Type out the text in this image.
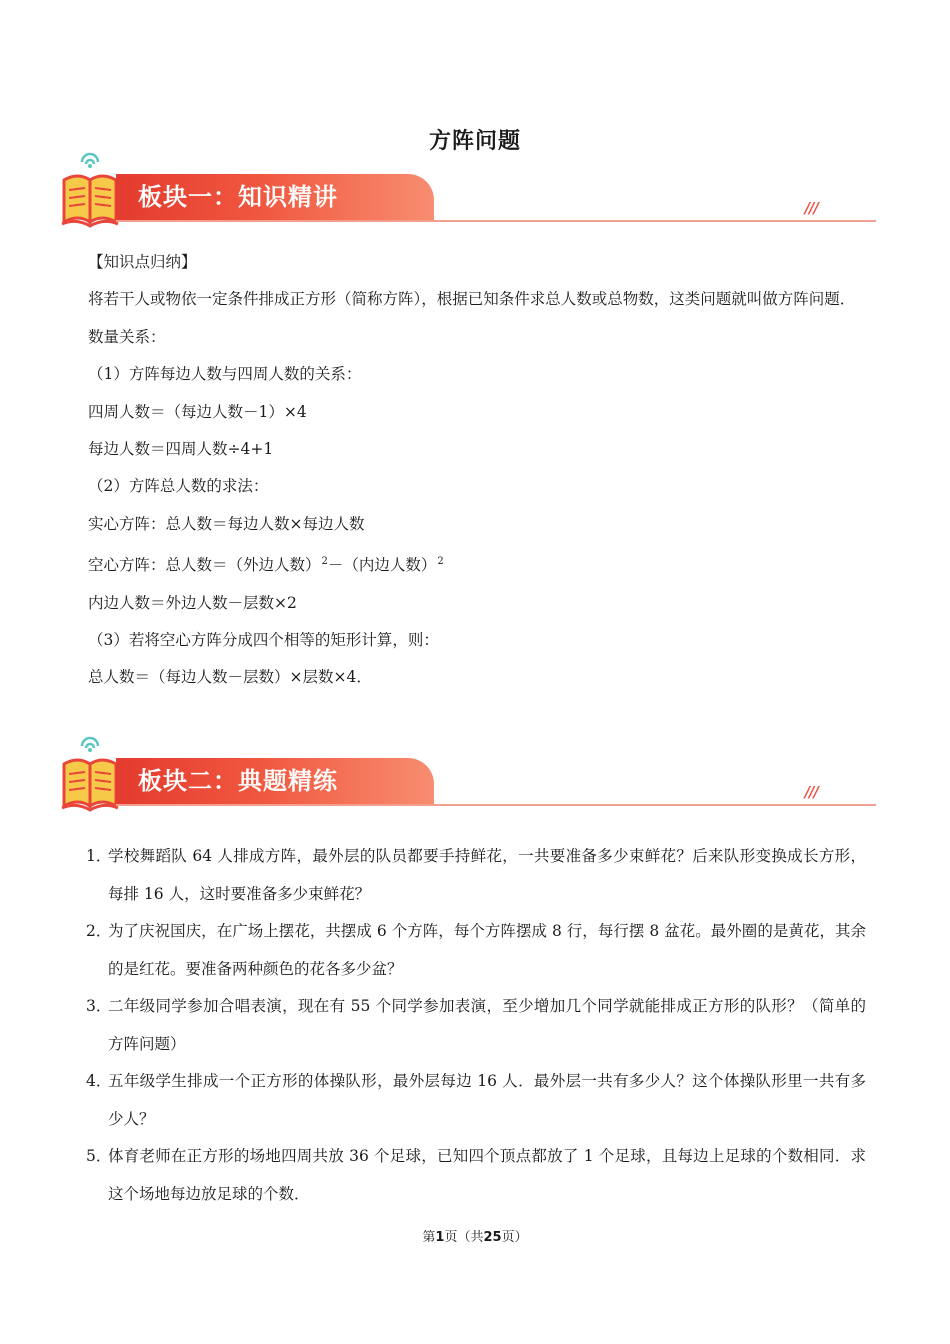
方阵问题
板块一：知识精讲	///

【知识点归纳】

将若干人或物依一定条件排成正方形（简称方阵），根据已知条件求总人数或总物数，这类问题就叫做方阵问题．

数量关系：

（1）方阵每边人数与四周人数的关系：

四周人数＝（每边人数－1）×4

每边人数＝四周人数÷4+1

（2）方阵总人数的求法：

实心方阵：总人数＝每边人数×每边人数

空心方阵：总人数＝（外边人数）$^2$－（内边人数）$^2$

内边人数＝外边人数－层数×2

（3）若将空心方阵分成四个相等的矩形计算，则：

总人数＝（每边人数－层数）×层数×4．

板块二：典题精练	///
1．
学校舞蹈队 64 人排成方阵，最外层的队员都要手持鲜花，一共要准备多少束鲜花？后来队形变换成长方形，每排 16 人，这时要准备多少束鲜花？
2．
为了庆祝国庆，在广场上摆花，共摆成 6 个方阵，每个方阵摆成 8 行，每行摆 8 盆花。最外圈的是黄花，其余的是红花。要准备两种颜色的花各多少盆？
3．
二年级同学参加合唱表演，现在有 55 个同学参加表演，至少增加几个同学就能排成正方形的队形？（简单的方阵问题）
4．
五年级学生排成一个正方形的体操队形，最外层每边 16 人．最外层一共有多少人？这个体操队形里一共有多少人？
5．
体育老师在正方形的场地四周共放 36 个足球，已知四个顶点都放了 1 个足球，且每边上足球的个数相同．求这个场地每边放足球的个数．
第1页（共25页）
